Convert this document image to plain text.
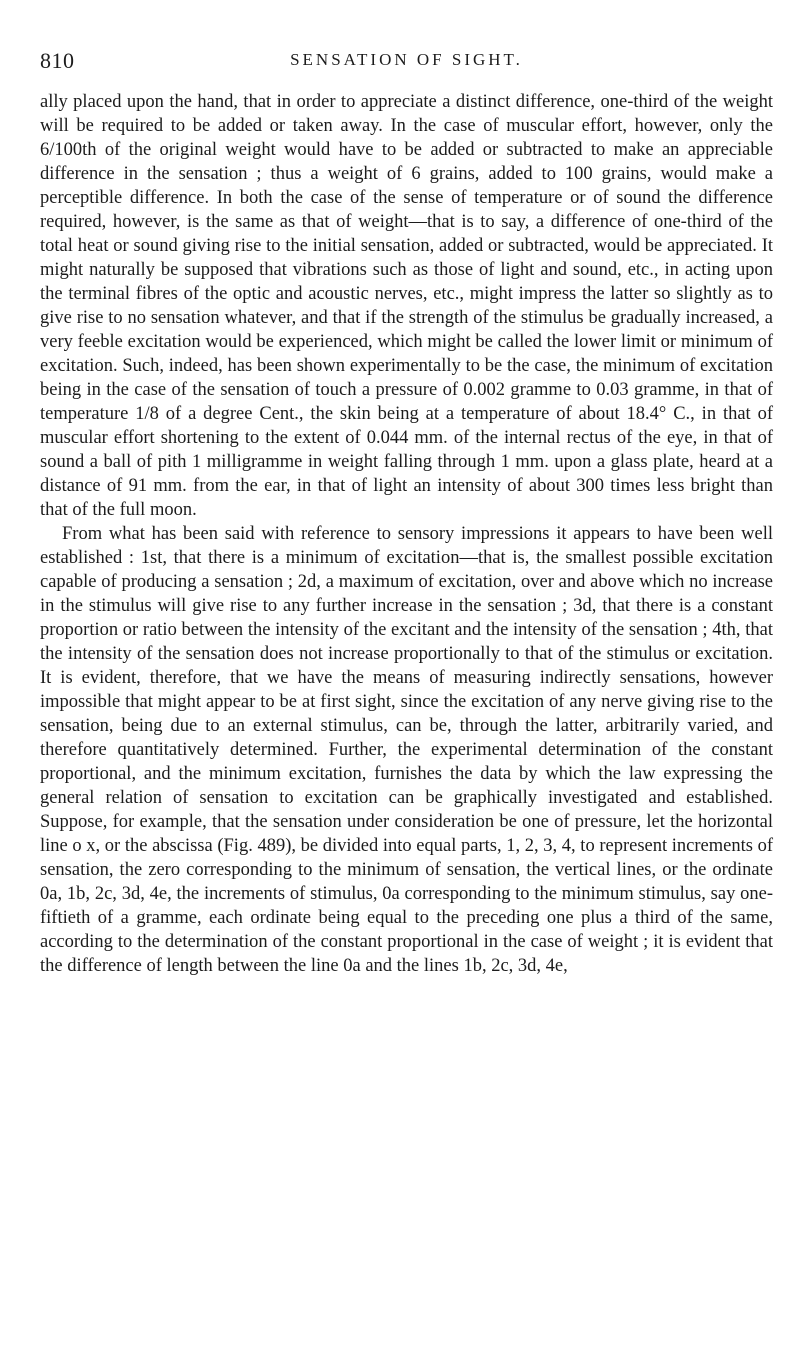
810	SENSATION OF SIGHT.

ally placed upon the hand, that in order to appreciate a distinct difference, one-third of the weight will be required to be added or taken away. In the case of muscular effort, however, only the 6/100th of the original weight would have to be added or subtracted to make an appreciable difference in the sensation ; thus a weight of 6 grains, added to 100 grains, would make a perceptible difference. In both the case of the sense of temperature or of sound the difference required, however, is the same as that of weight—that is to say, a difference of one-third of the total heat or sound giving rise to the initial sensation, added or subtracted, would be appreciated. It might naturally be supposed that vibrations such as those of light and sound, etc., in acting upon the terminal fibres of the optic and acoustic nerves, etc., might impress the latter so slightly as to give rise to no sensation whatever, and that if the strength of the stimulus be gradually increased, a very feeble excitation would be experienced, which might be called the lower limit or minimum of excitation. Such, indeed, has been shown experimentally to be the case, the minimum of excitation being in the case of the sensation of touch a pressure of 0.002 gramme to 0.03 gramme, in that of temperature 1/8 of a degree Cent., the skin being at a temperature of about 18.4° C., in that of muscular effort shortening to the extent of 0.044 mm. of the internal rectus of the eye, in that of sound a ball of pith 1 milligramme in weight falling through 1 mm. upon a glass plate, heard at a distance of 91 mm. from the ear, in that of light an intensity of about 300 times less bright than that of the full moon.

From what has been said with reference to sensory impressions it appears to have been well established : 1st, that there is a minimum of excitation—that is, the smallest possible excitation capable of producing a sensation ; 2d, a maximum of excitation, over and above which no increase in the stimulus will give rise to any further increase in the sensation ; 3d, that there is a constant proportion or ratio between the intensity of the excitant and the intensity of the sensation ; 4th, that the intensity of the sensation does not increase proportionally to that of the stimulus or excitation. It is evident, therefore, that we have the means of measuring indirectly sensations, however impossible that might appear to be at first sight, since the excitation of any nerve giving rise to the sensation, being due to an external stimulus, can be, through the latter, arbitrarily varied, and therefore quantitatively determined. Further, the experimental determination of the constant proportional, and the minimum excitation, furnishes the data by which the law expressing the general relation of sensation to excitation can be graphically investigated and established. Suppose, for example, that the sensation under consideration be one of pressure, let the horizontal line o x, or the abscissa (Fig. 489), be divided into equal parts, 1, 2, 3, 4, to represent increments of sensation, the zero corresponding to the minimum of sensation, the vertical lines, or the ordinate 0a, 1b, 2c, 3d, 4e, the increments of stimulus, 0a corresponding to the minimum stimulus, say one-fiftieth of a gramme, each ordinate being equal to the preceding one plus a third of the same, according to the determination of the constant proportional in the case of weight ; it is evident that the difference of length between the line 0a and the lines 1b, 2c, 3d, 4e,
